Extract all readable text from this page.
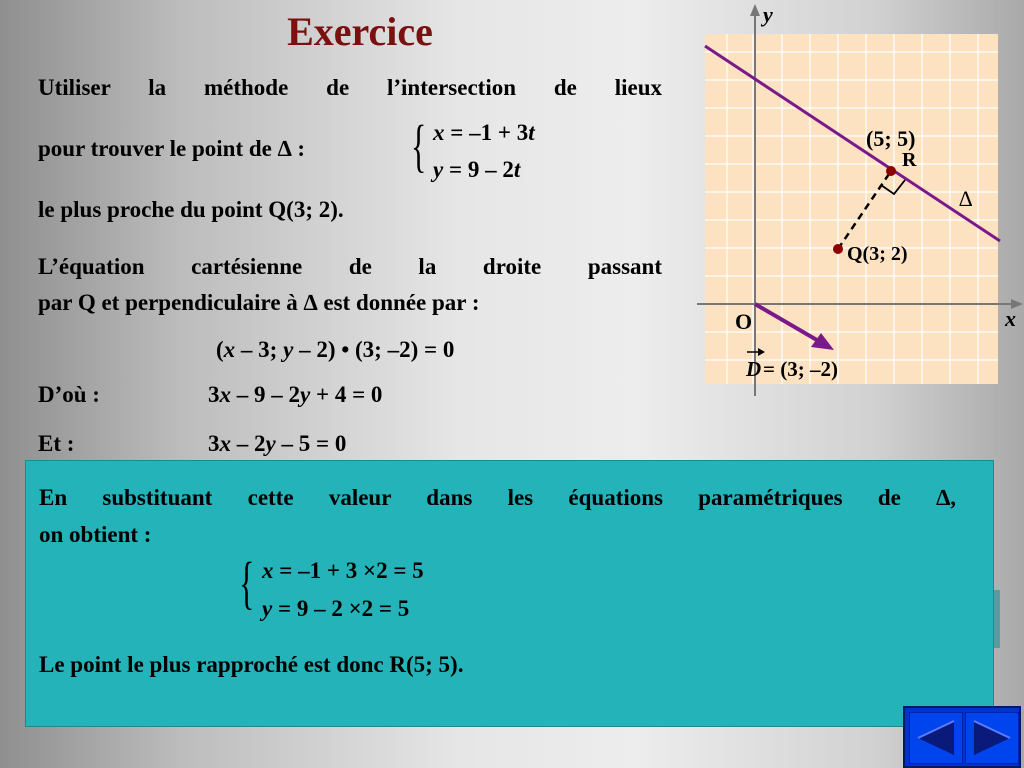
Exercice
Utiliser la méthode de l’intersection de lieux
pour trouver le point de ∆ : { x = –1 + 3t
y = 9 – 2t
le plus proche du point Q(3; 2).
L’équation cartésienne de la droite passant
par Q et perpendiculaire à ∆ est donnée par :
(x – 3; y – 2) • (3; –2) = 0
D’où :	3x – 9 – 2y + 4 = 0
Et :	3x – 2y – 5 = 0
En substituant cette valeur dans les équations paramétriques de ∆,
on obtient :
{ x = –1 + 3 ×2 = 5
y = 9 – 2 ×2 = 5
Le point le plus rapproché est donc R(5; 5).
y
x
O
(5; 5)
R
Q(3; 2)
∆
D = (3; –2)
